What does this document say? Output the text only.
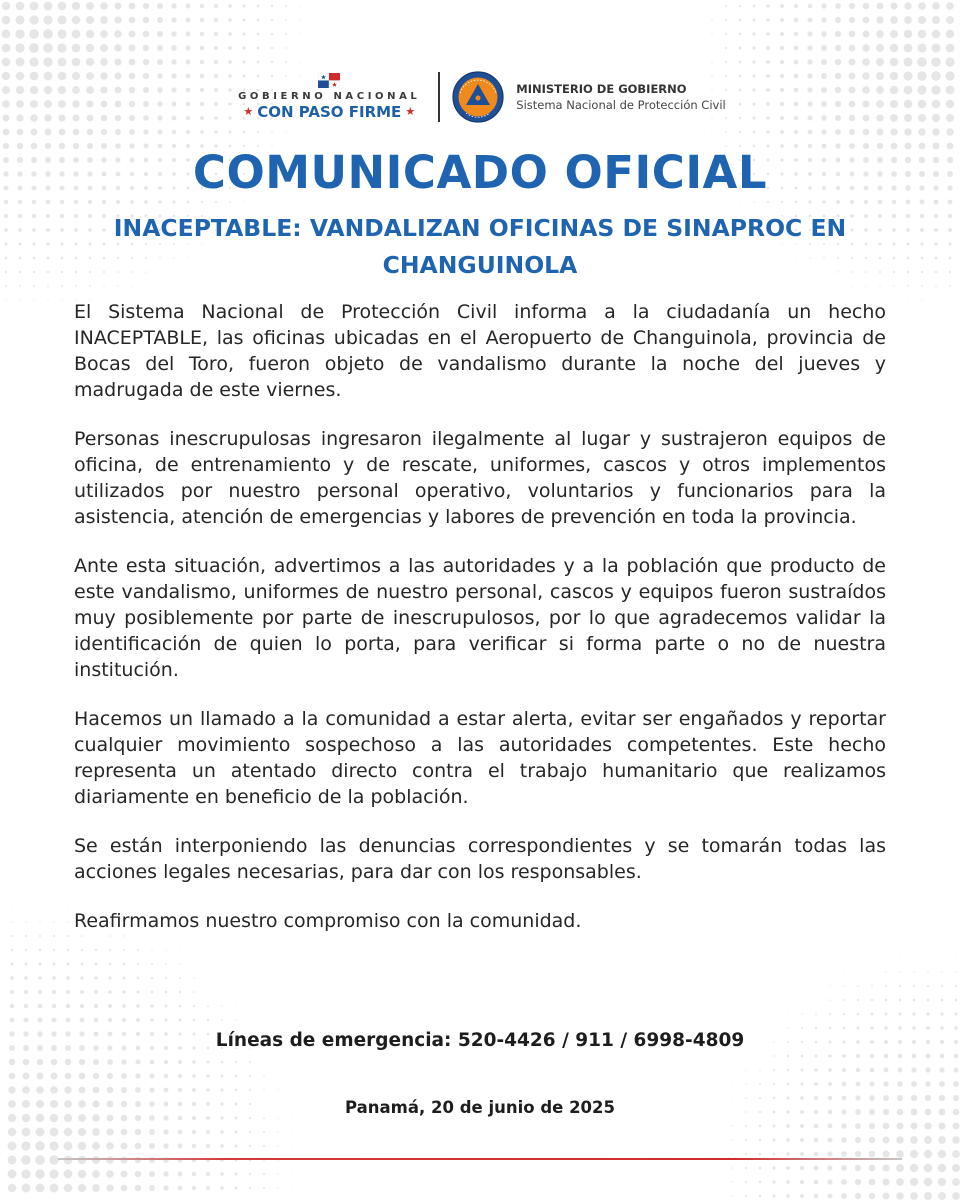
GOBIERNO NACIONAL
★ CON PASO FIRME ★
MINISTERIO DE GOBIERNO
Sistema Nacional de Protección Civil
COMUNICADO OFICIAL
INACEPTABLE: VANDALIZAN OFICINAS DE SINAPROC EN CHANGUINOLA

El Sistema Nacional de Protección Civil informa a la ciudadanía un hecho INACEPTABLE, las oficinas ubicadas en el Aeropuerto de Changuinola, provincia de Bocas del Toro, fueron objeto de vandalismo durante la noche del jueves y madrugada de este viernes.

Personas inescrupulosas ingresaron ilegalmente al lugar y sustrajeron equipos de oficina, de entrenamiento y de rescate, uniformes, cascos y otros implementos utilizados por nuestro personal operativo, voluntarios y funcionarios para la asistencia, atención de emergencias y labores de prevención en toda la provincia.

Ante esta situación, advertimos a las autoridades y a la población que producto de este vandalismo, uniformes de nuestro personal, cascos y equipos fueron sustraídos muy posiblemente por parte de inescrupulosos, por lo que agradecemos validar la identificación de quien lo porta, para verificar si forma parte o no de nuestra institución.

Hacemos un llamado a la comunidad a estar alerta, evitar ser engañados y reportar cualquier movimiento sospechoso a las autoridades competentes. Este hecho representa un atentado directo contra el trabajo humanitario que realizamos diariamente en beneficio de la población.

Se están interponiendo las denuncias correspondientes y se tomarán todas las acciones legales necesarias, para dar con los responsables.

Reafirmamos nuestro compromiso con la comunidad.

Líneas de emergencia: 520-4426 / 911 / 6998-4809
Panamá, 20 de junio de 2025
